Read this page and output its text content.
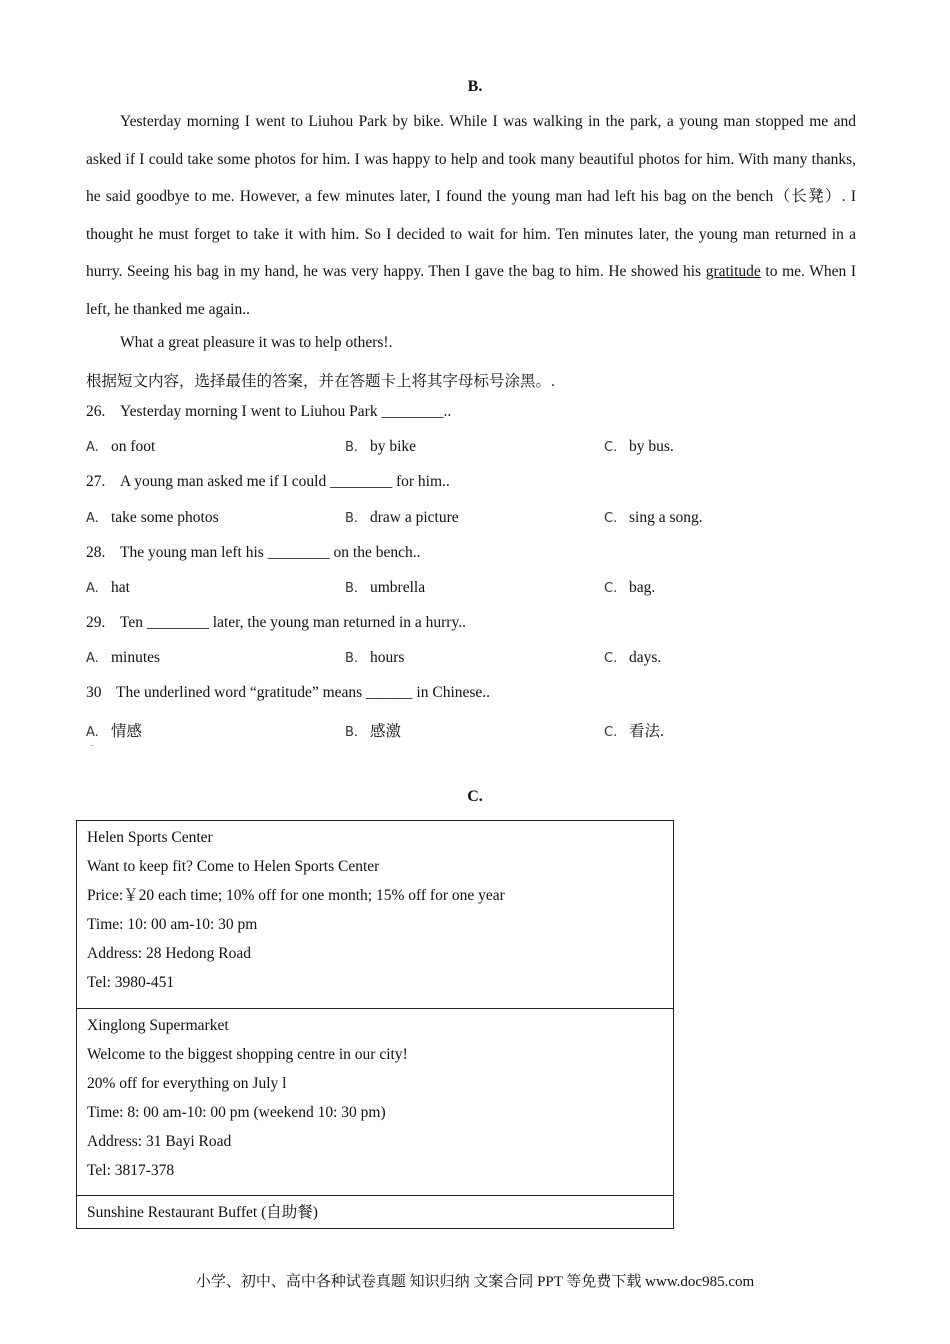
B.
Yesterday morning I went to Liuhou Park by bike. While I was walking in the park, a young man stopped me and asked if I could take some photos for him. I was happy to help and took many beautiful photos for him. With many thanks, he said goodbye to me. However, a few minutes later, I found the young man had left his bag on the bench（长凳）. I thought he must forget to take it with him. So I decided to wait for him. Ten minutes later, the young man returned in a hurry. Seeing his bag in my hand, he was very happy. Then I gave the bag to him. He showed his gratitude to me. When I left, he thanked me again..
What a great pleasure it was to help others!.
根据短文内容，选择最佳的答案，并在答题卡上将其字母标号涂黑。.
26. Yesterday morning I went to Liuhou Park ________..
A. on foot	B. by bike	C. by bus.
27. A young man asked me if I could ________ for him..
A. take some photos	B. draw a picture	C. sing a song.
28. The young man left his ________ on the bench..
A. hat	B. umbrella	C. bag.
29. Ten ________ later, the young man returned in a hurry..
A. minutes	B. hours	C. days.
30 The underlined word “gratitude” means ______ in Chinese..
A. 情感	B. 感激	C. 看法.
˘
C.
Helen Sports Center
Want to keep fit? Come to Helen Sports Center
Price:￥20 each time; 10% off for one month; 15% off for one year
Time: 10: 00 am-10: 30 pm
Address: 28 Hedong Road
Tel: 3980-451
Xinglong Supermarket
Welcome to the biggest shopping centre in our city!
20% off for everything on July l
Time: 8: 00 am-10: 00 pm (weekend 10: 30 pm)
Address: 31 Bayi Road
Tel: 3817-378
Sunshine Restaurant Buffet (自助餐)
小学、初中、高中各种试卷真题 知识归纳 文案合同 PPT 等免费下载 www.doc985.com
